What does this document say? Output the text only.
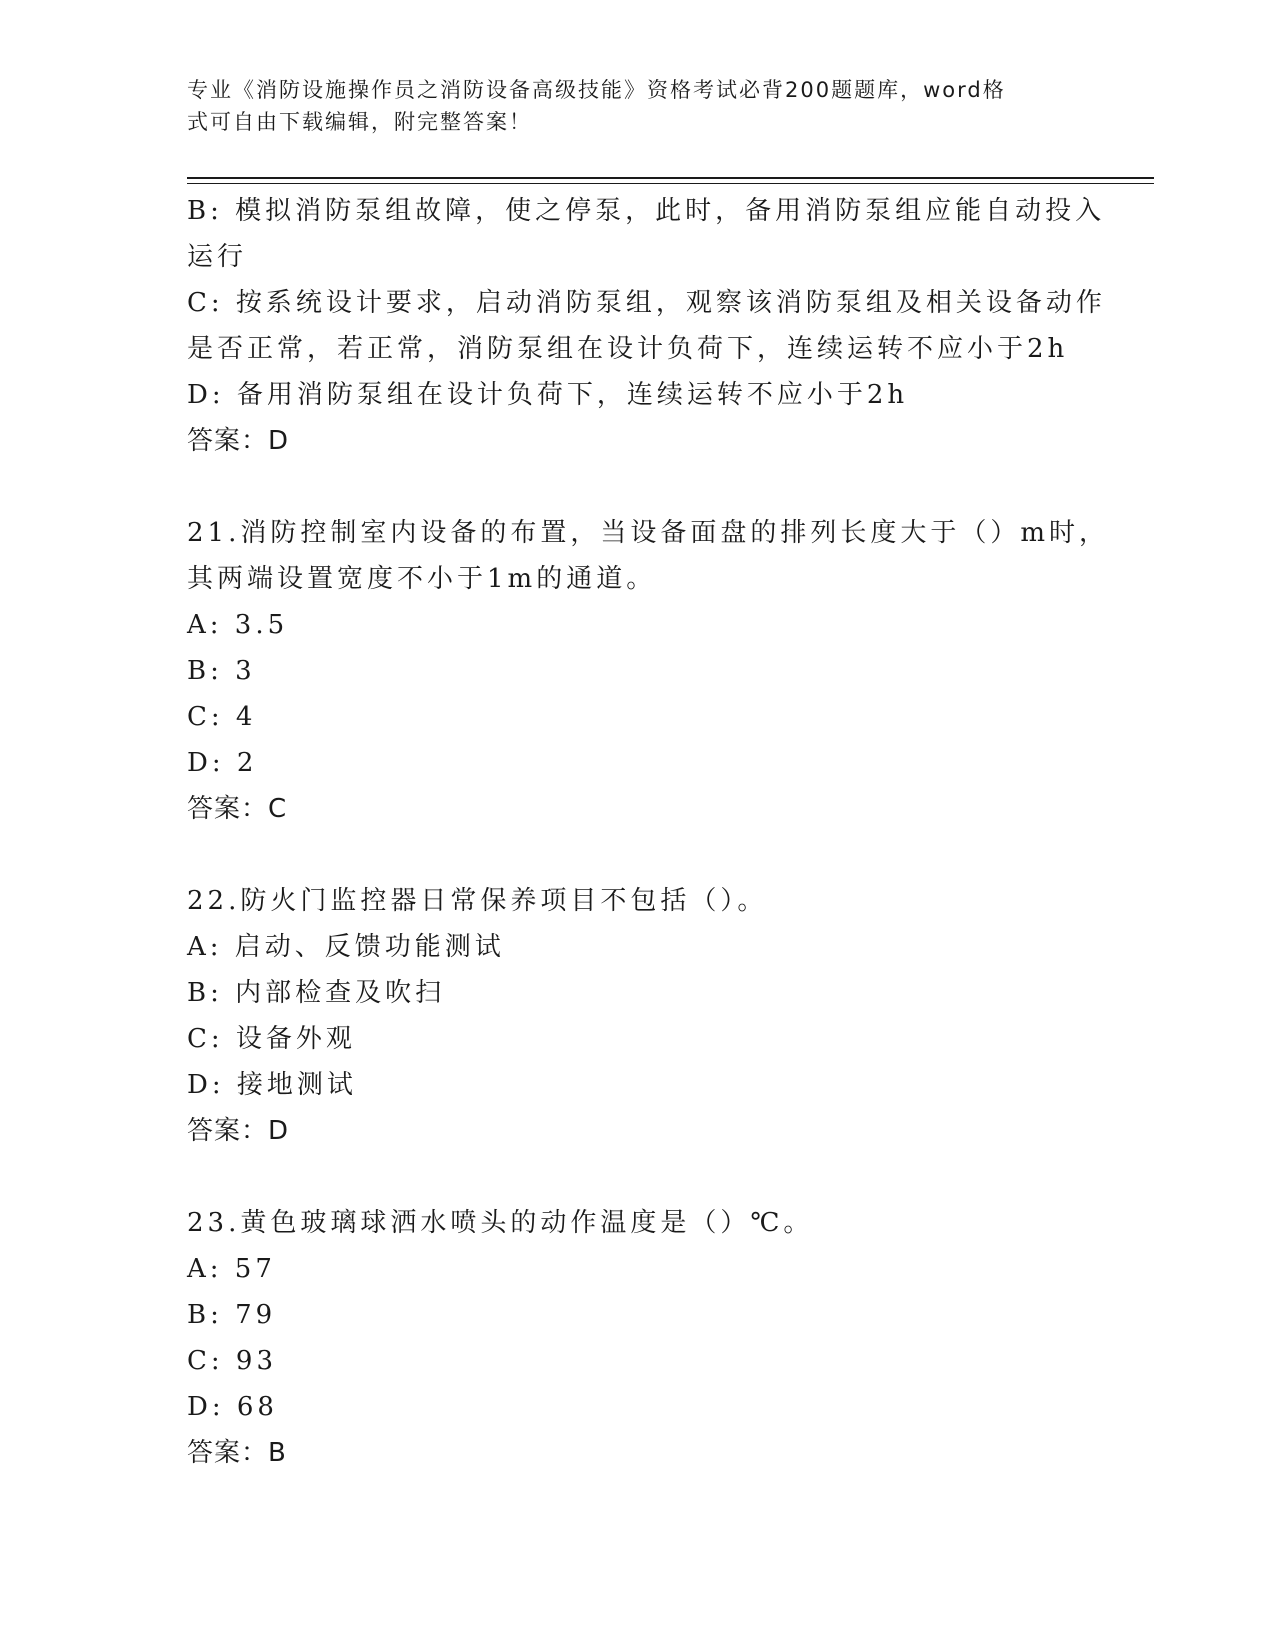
专业《消防设施操作员之消防设备高级技能》资格考试必背200题题库，word格
式可自由下载编辑，附完整答案！
B: 模拟消防泵组故障，使之停泵，此时，备用消防泵组应能自动投入
运行
C: 按系统设计要求，启动消防泵组，观察该消防泵组及相关设备动作
是否正常，若正常，消防泵组在设计负荷下，连续运转不应小于2h
D: 备用消防泵组在设计负荷下，连续运转不应小于2h
答案：D
21.消防控制室内设备的布置，当设备面盘的排列长度大于（）m时，
其两端设置宽度不小于1m的通道。
A: 3.5
B: 3
C: 4
D: 2
答案：C
22.防火门监控器日常保养项目不包括（）。
A: 启动、反馈功能测试
B: 内部检查及吹扫
C: 设备外观
D: 接地测试
答案：D
23.黄色玻璃球洒水喷头的动作温度是（）℃。
A: 57
B: 79
C: 93
D: 68
答案：B
